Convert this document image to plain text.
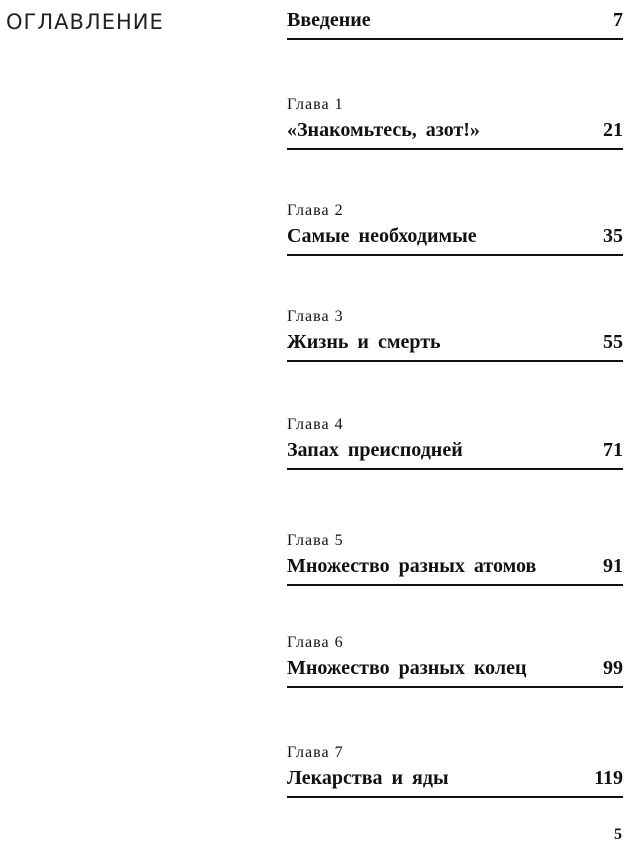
ОГЛАВЛЕНИЕ	Введение	7
Глава 1
«Знакомьтесь, азот!»	21
Глава 2
Самые необходимые	35
Глава 3
Жизнь и смерть	55
Глава 4
Запах преисподней	71
Глава 5
Множество разных атомов	91
Глава 6
Множество разных колец	99
Глава 7
Лекарства и яды	119
5
